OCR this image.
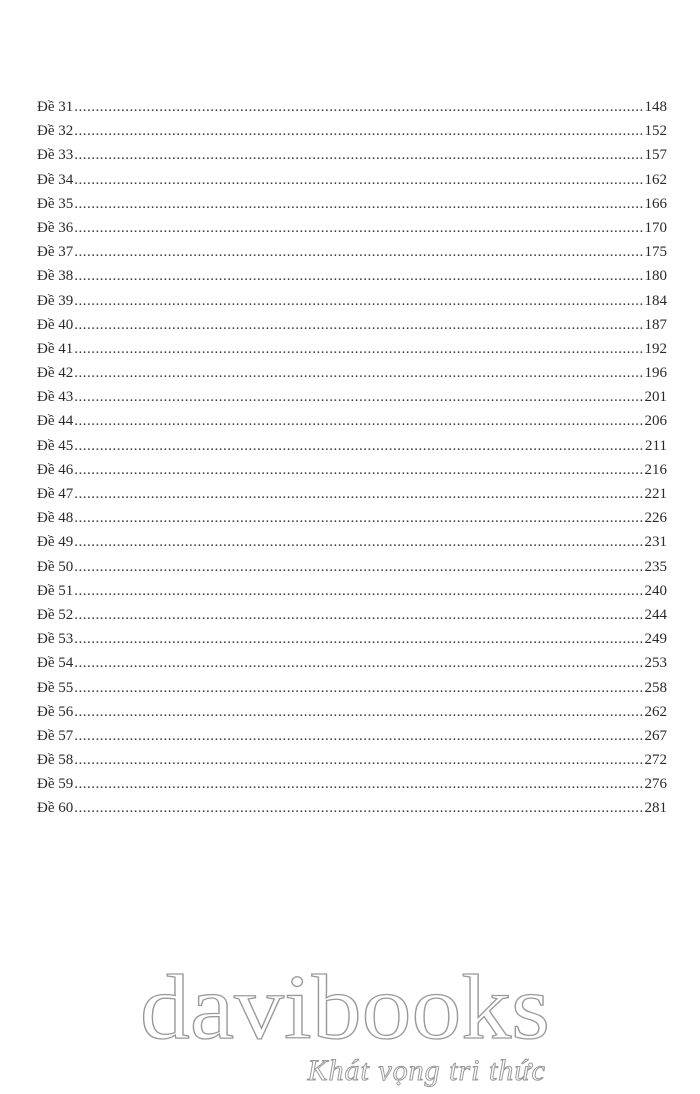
Đề 31 .....	148
Đề 32 .....	152
Đề 33 .....	157
Đề 34 .....	162
Đề 35 .....	166
Đề 36 .....	170
Đề 37 .....	175
Đề 38 .....	180
Đề 39 .....	184
Đề 40 .....	187
Đề 41 .....	192
Đề 42 .....	196
Đề 43 .....	201
Đề 44 .....	206
Đề 45 .....	211
Đề 46 .....	216
Đề 47 .....	221
Đề 48 .....	226
Đề 49 .....	231
Đề 50 .....	235
Đề 51 .....	240
Đề 52 .....	244
Đề 53 .....	249
Đề 54 .....	253
Đề 55 .....	258
Đề 56 .....	262
Đề 57 .....	267
Đề 58 .....	272
Đề 59 .....	276
Đề 60 .....	281
davibooks
Khát vọng tri thức
